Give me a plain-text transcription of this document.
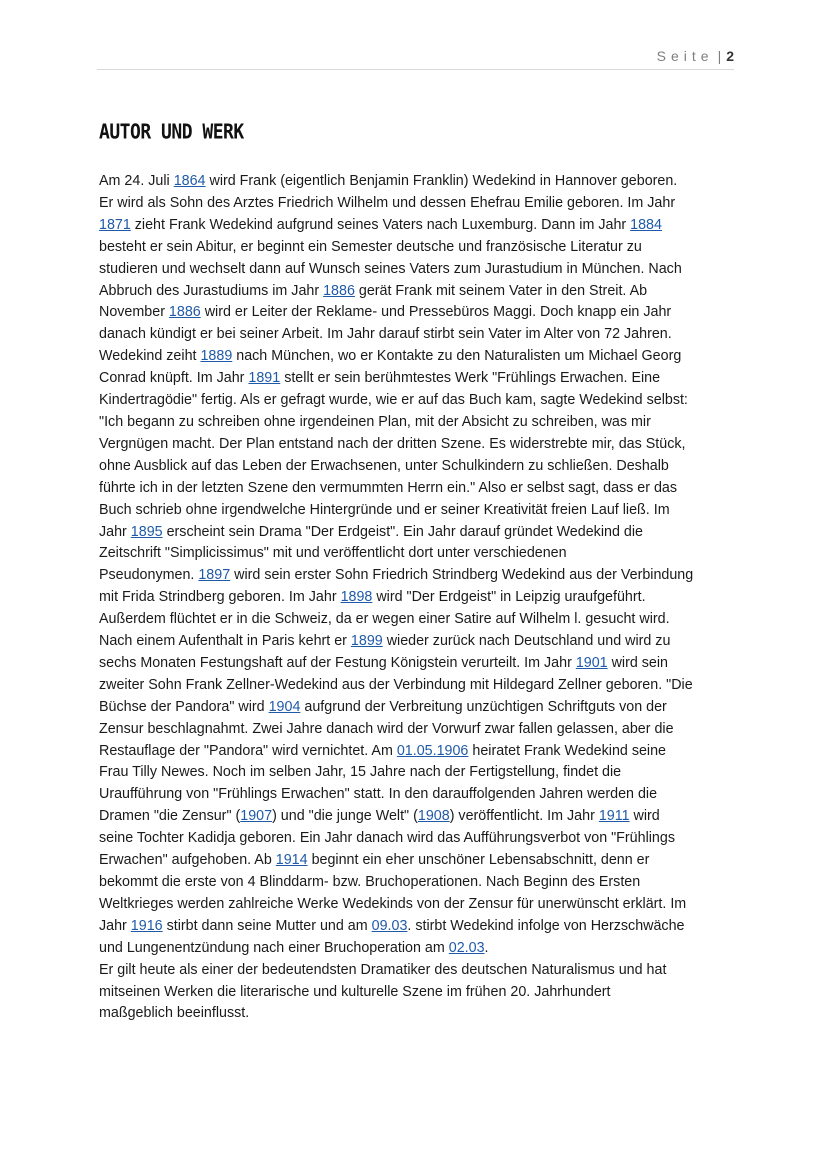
Seite | 2
AUTOR UND WERK
Am 24. Juli 1864 wird Frank (eigentlich Benjamin Franklin) Wedekind in Hannover geboren.
Er wird als Sohn des Arztes Friedrich Wilhelm und dessen Ehefrau Emilie geboren. Im Jahr
1871 zieht Frank Wedekind aufgrund seines Vaters nach Luxemburg. Dann im Jahr 1884
besteht er sein Abitur, er beginnt ein Semester deutsche und französische Literatur zu
studieren und wechselt dann auf Wunsch seines Vaters zum Jurastudium in München. Nach
Abbruch des Jurastudiums im Jahr 1886 gerät Frank mit seinem Vater in den Streit. Ab
November 1886 wird er Leiter der Reklame- und Pressebüros Maggi. Doch knapp ein Jahr
danach kündigt er bei seiner Arbeit. Im Jahr darauf stirbt sein Vater im Alter von 72 Jahren.
Wedekind zeiht 1889 nach München, wo er Kontakte zu den Naturalisten um Michael Georg
Conrad knüpft. Im Jahr 1891 stellt er sein berühmtestes Werk "Frühlings Erwachen. Eine
Kindertragödie" fertig. Als er gefragt wurde, wie er auf das Buch kam, sagte Wedekind selbst:
"Ich begann zu schreiben ohne irgendeinen Plan, mit der Absicht zu schreiben, was mir
Vergnügen macht. Der Plan entstand nach der dritten Szene. Es widerstrebte mir, das Stück,
ohne Ausblick auf das Leben der Erwachsenen, unter Schulkindern zu schließen. Deshalb
führte ich in der letzten Szene den vermummten Herrn ein." Also er selbst sagt, dass er das
Buch schrieb ohne irgendwelche Hintergründe und er seiner Kreativität freien Lauf ließ. Im
Jahr 1895 erscheint sein Drama "Der Erdgeist". Ein Jahr darauf gründet Wedekind die
Zeitschrift "Simplicissimus" mit und veröffentlicht dort unter verschiedenen
Pseudonymen. 1897 wird sein erster Sohn Friedrich Strindberg Wedekind aus der Verbindung
mit Frida Strindberg geboren. Im Jahr 1898 wird "Der Erdgeist" in Leipzig uraufgeführt.
Außerdem flüchtet er in die Schweiz, da er wegen einer Satire auf Wilhelm l. gesucht wird.
Nach einem Aufenthalt in Paris kehrt er 1899 wieder zurück nach Deutschland und wird zu
sechs Monaten Festungshaft auf der Festung Königstein verurteilt. Im Jahr 1901 wird sein
zweiter Sohn Frank Zellner-Wedekind aus der Verbindung mit Hildegard Zellner geboren. "Die
Büchse der Pandora" wird 1904 aufgrund der Verbreitung unzüchtigen Schriftguts von der
Zensur beschlagnahmt. Zwei Jahre danach wird der Vorwurf zwar fallen gelassen, aber die
Restauflage der "Pandora" wird vernichtet. Am 01.05.1906 heiratet Frank Wedekind seine
Frau Tilly Newes. Noch im selben Jahr, 15 Jahre nach der Fertigstellung, findet die
Uraufführung von "Frühlings Erwachen" statt. In den darauffolgenden Jahren werden die
Dramen "die Zensur" (1907) und "die junge Welt" (1908) veröffentlicht. Im Jahr 1911 wird
seine Tochter Kadidja geboren. Ein Jahr danach wird das Aufführungsverbot von "Frühlings
Erwachen" aufgehoben. Ab 1914 beginnt ein eher unschöner Lebensabschnitt, denn er
bekommt die erste von 4 Blinddarm- bzw. Bruchoperationen. Nach Beginn des Ersten
Weltkrieges werden zahlreiche Werke Wedekinds von der Zensur für unerwünscht erklärt. Im
Jahr 1916 stirbt dann seine Mutter und am 09.03. stirbt Wedekind infolge von Herzschwäche
und Lungenentzündung nach einer Bruchoperation am 02.03.
Er gilt heute als einer der bedeutendsten Dramatiker des deutschen Naturalismus und hat
mitseinen Werken die literarische und kulturelle Szene im frühen 20. Jahrhundert
maßgeblich beeinflusst.
